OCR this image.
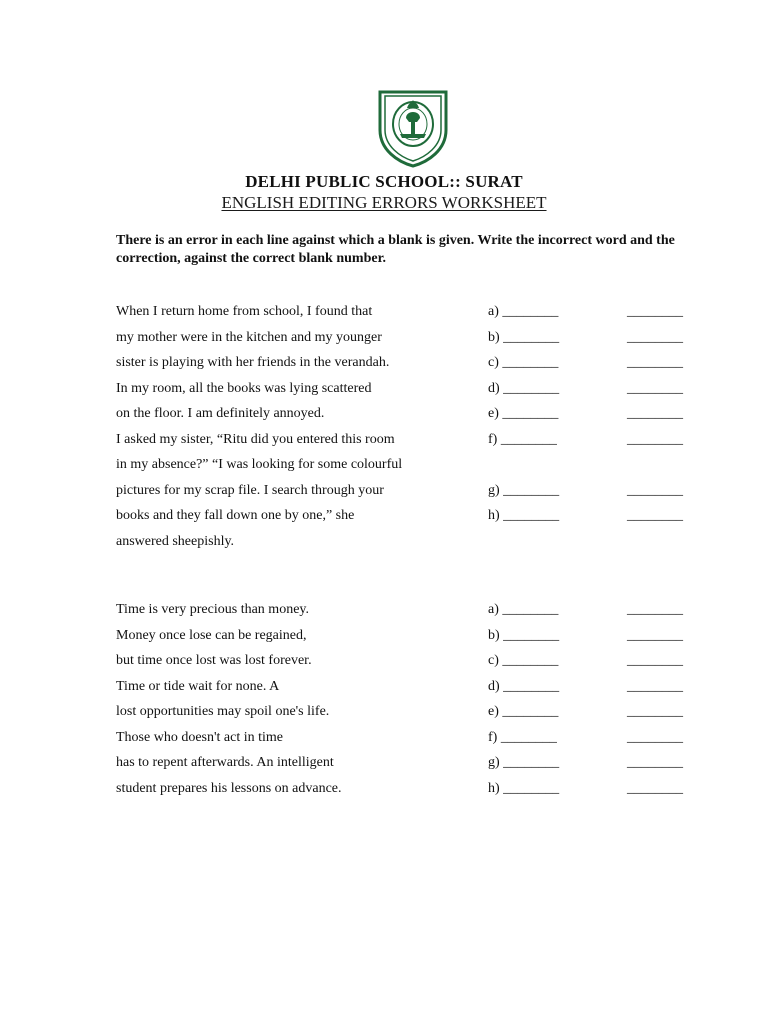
DELHI PUBLIC SCHOOL:: SURAT
ENGLISH EDITING ERRORS WORKSHEET
There is an error in each line against which a blank is given. Write the incorrect word and the correction, against the correct blank number.
When I return home from school, I found that	a) ________	________
my mother were in the kitchen and my younger	b) ________	________
sister is playing with her friends in the verandah.	c) ________	________
In my room, all the books was lying scattered	d) ________	________
on the floor. I am definitely annoyed.	e) ________	________
I asked my sister, “Ritu did you entered this room	f) ________	________
in my absence?” “I was looking for some colourful
pictures for my scrap file. I search through your	g) ________	________
books and they fall down one by one,” she	h) ________	________
answered sheepishly.
Time is very precious than money.	a) ________	________
Money once lose can be regained,	b) ________	________
but time once lost was lost forever.	c) ________	________
Time or tide wait for none. A	d) ________	________
lost opportunities may spoil one's life.	e) ________	________
Those who doesn't act in time	f) ________	________
has to repent afterwards. An intelligent	g) ________	________
student prepares his lessons on advance.	h) ________	________
